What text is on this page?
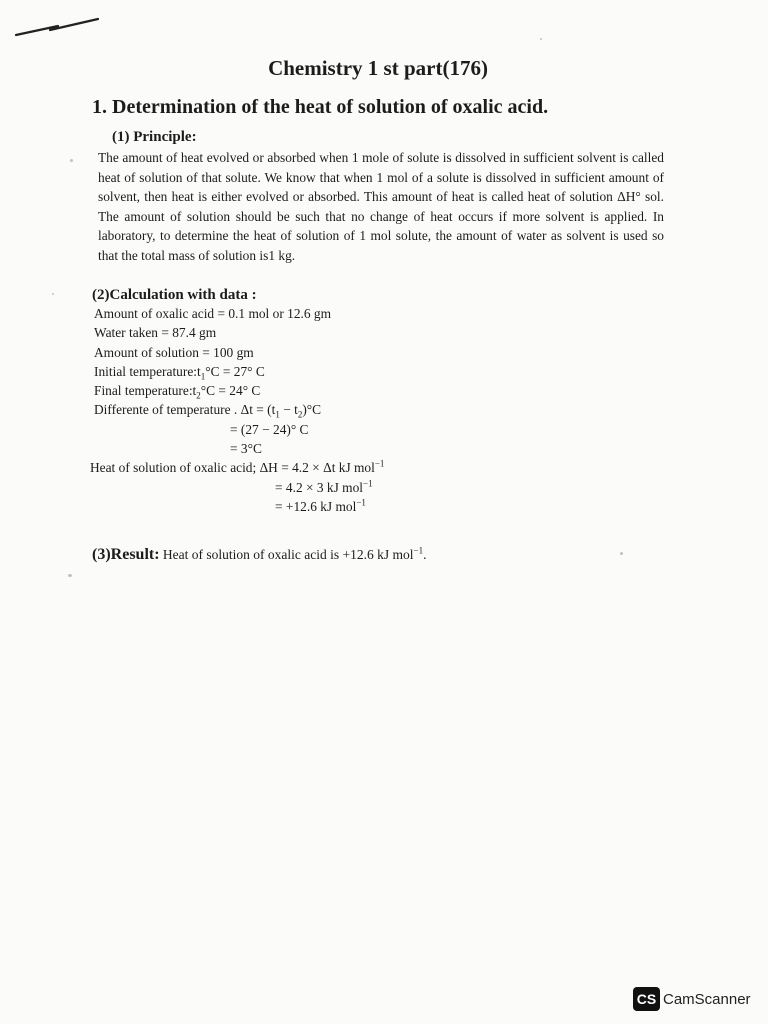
Chemistry 1 st part(176)
1. Determination of the heat of solution of oxalic acid.

(1) Principle:

The amount of heat evolved or absorbed when 1 mole of solute is dissolved in sufficient solvent is called heat of solution of that solute. We know that when 1 mol of a solute is dissolved in sufficient amount of solvent, then heat is either evolved or absorbed. This amount of heat is called heat of solution ΔH° sol. The amount of solution should be such that no change of heat occurs if more solvent is applied. In laboratory, to determine the heat of solution of 1 mol solute, the amount of water as solvent is used so that the total mass of solution is1 kg.

(2)Calculation with data :

Amount of oxalic acid = 0.1 mol or 12.6 gm

Water taken = 87.4 gm

Amount of solution = 100 gm

Initial $temperature:t_1^\circ C = 27^\circ$ C

Final $temperature:t_2^\circ C = 24^\circ$ C

Differente of temperature . $\Delta t = (t_1 - t_2)^\circ C$

= (27 − 24)° C

= 3°C

Heat of solution of oxalic acid; ΔH = 4.2 × Δt kJ mol$^{-1}$

= 4.2 × 3 kJ mol$^{-1}$

= +12.6 kJ mol$^{-1}$

(3)Result: Heat of solution of oxalic acid is +12.6 kJ mol$^{-1}$.

CS CamScanner
